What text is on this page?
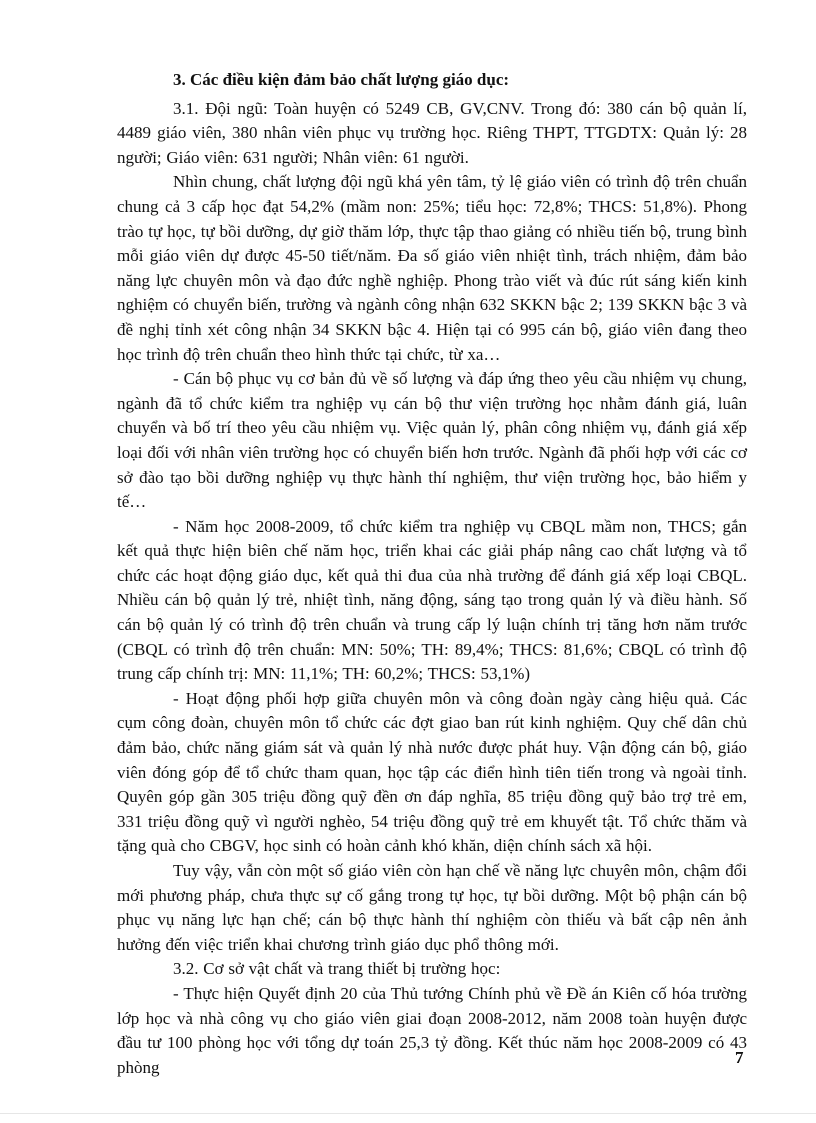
3. Các điều kiện đảm bảo chất lượng giáo dục:

3.1. Đội ngũ: Toàn huyện có 5249 CB, GV,CNV. Trong đó: 380 cán bộ quản lí, 4489 giáo viên, 380 nhân viên phục vụ trường học. Riêng THPT, TTGDTX: Quản lý: 28 người; Giáo viên: 631 người; Nhân viên: 61 người.

Nhìn chung, chất lượng đội ngũ khá yên tâm, tỷ lệ giáo viên có trình độ trên chuẩn chung cả 3 cấp học đạt 54,2% (mầm non: 25%; tiểu học: 72,8%; THCS: 51,8%). Phong trào tự học, tự bồi dưỡng, dự giờ thăm lớp, thực tập thao giảng có nhiều tiến bộ, trung bình mỗi giáo viên dự được 45-50 tiết/năm. Đa số giáo viên nhiệt tình, trách nhiệm, đảm bảo năng lực chuyên môn và đạo đức nghề nghiệp. Phong trào viết và đúc rút sáng kiến kinh nghiệm có chuyển biến, trường và ngành công nhận 632 SKKN bậc 2; 139 SKKN bậc 3 và đề nghị tỉnh xét công nhận 34 SKKN bậc 4. Hiện tại có 995 cán bộ, giáo viên đang theo học trình độ trên chuẩn theo hình thức tại chức, từ xa…

- Cán bộ phục vụ cơ bản đủ về số lượng và đáp ứng theo yêu cầu nhiệm vụ chung, ngành đã tổ chức kiểm tra nghiệp vụ cán bộ thư viện trường học nhằm đánh giá, luân chuyển và bố trí theo yêu cầu nhiệm vụ. Việc quản lý, phân công nhiệm vụ, đánh giá xếp loại đối với nhân viên trường học có chuyển biến hơn trước. Ngành đã phối hợp với các cơ sở đào tạo bồi dưỡng nghiệp vụ thực hành thí nghiệm, thư viện trường học, bảo hiểm y tế…

- Năm học 2008-2009, tổ chức kiểm tra nghiệp vụ CBQL mầm non, THCS; gắn kết quả thực hiện biên chế năm học, triển khai các giải pháp nâng cao chất lượng và tổ chức các hoạt động giáo dục, kết quả thi đua của nhà trường để đánh giá xếp loại CBQL. Nhiều cán bộ quản lý trẻ, nhiệt tình, năng động, sáng tạo trong quản lý và điều hành. Số cán bộ quản lý có trình độ trên chuẩn và trung cấp lý luận chính trị tăng hơn năm trước (CBQL có trình độ trên chuẩn: MN: 50%; TH: 89,4%; THCS: 81,6%; CBQL có trình độ trung cấp chính trị: MN: 11,1%; TH: 60,2%; THCS: 53,1%)

- Hoạt động phối hợp giữa chuyên môn và công đoàn ngày càng hiệu quả. Các cụm công đoàn, chuyên môn tổ chức các đợt giao ban rút kinh nghiệm. Quy chế dân chủ đảm bảo, chức năng giám sát và quản lý nhà nước được phát huy. Vận động cán bộ, giáo viên đóng góp để tổ chức tham quan, học tập các điển hình tiên tiến trong và ngoài tỉnh. Quyên góp gần 305 triệu đồng quỹ đền ơn đáp nghĩa, 85 triệu đồng quỹ bảo trợ trẻ em, 331 triệu đồng quỹ vì người nghèo, 54 triệu đồng quỹ trẻ em khuyết tật. Tổ chức thăm và tặng quà cho CBGV, học sinh có hoàn cảnh khó khăn, diện chính sách xã hội.

Tuy vậy, vẫn còn một số giáo viên còn hạn chế về năng lực chuyên môn, chậm đổi mới phương pháp, chưa thực sự cố gắng trong tự học, tự bồi dưỡng. Một bộ phận cán bộ phục vụ năng lực hạn chế; cán bộ thực hành thí nghiệm còn thiếu và bất cập nên ảnh hưởng đến việc triển khai chương trình giáo dục phổ thông mới.

3.2. Cơ sở vật chất và trang thiết bị trường học:

- Thực hiện Quyết định 20 của Thủ tướng Chính phủ về Đề án Kiên cố hóa trường lớp học và nhà công vụ cho giáo viên giai đoạn 2008-2012, năm 2008 toàn huyện được đầu tư 100 phòng học với tổng dự toán 25,3 tỷ đồng. Kết thúc năm học 2008-2009 có 43 phòng

7
